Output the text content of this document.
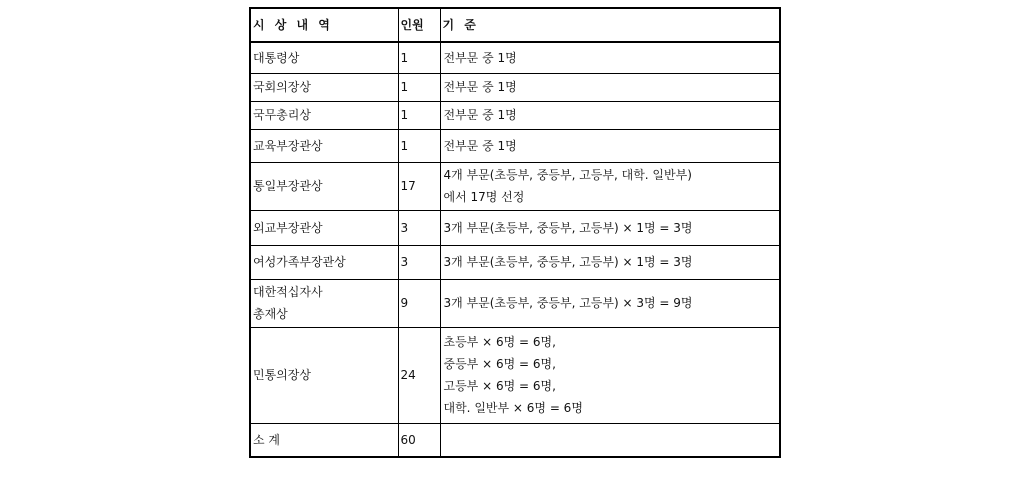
시 상 내 역	인원	기 준

대통령상	1	전부문 중 1명

국회의장상	1	전부문 중 1명

국무총리상	1	전부문 중 1명

교육부장관상	1	전부문 중 1명

통일부장관상	17	4개 부문(초등부, 중등부, 고등부, 대학. 일반부)
에서 17명 선정

외교부장관상	3	3개 부문(초등부, 중등부, 고등부) × 1명 = 3명

여성가족부장관상	3	3개 부문(초등부, 중등부, 고등부) × 1명 = 3명

대한적십자사
총재상	9	3개 부문(초등부, 중등부, 고등부) × 3명 = 9명

민통의장상	24	초등부 × 6명 = 6명,
중등부 × 6명 = 6명,
고등부 × 6명 = 6명,
대학. 일반부 × 6명 = 6명

소 계	60	
